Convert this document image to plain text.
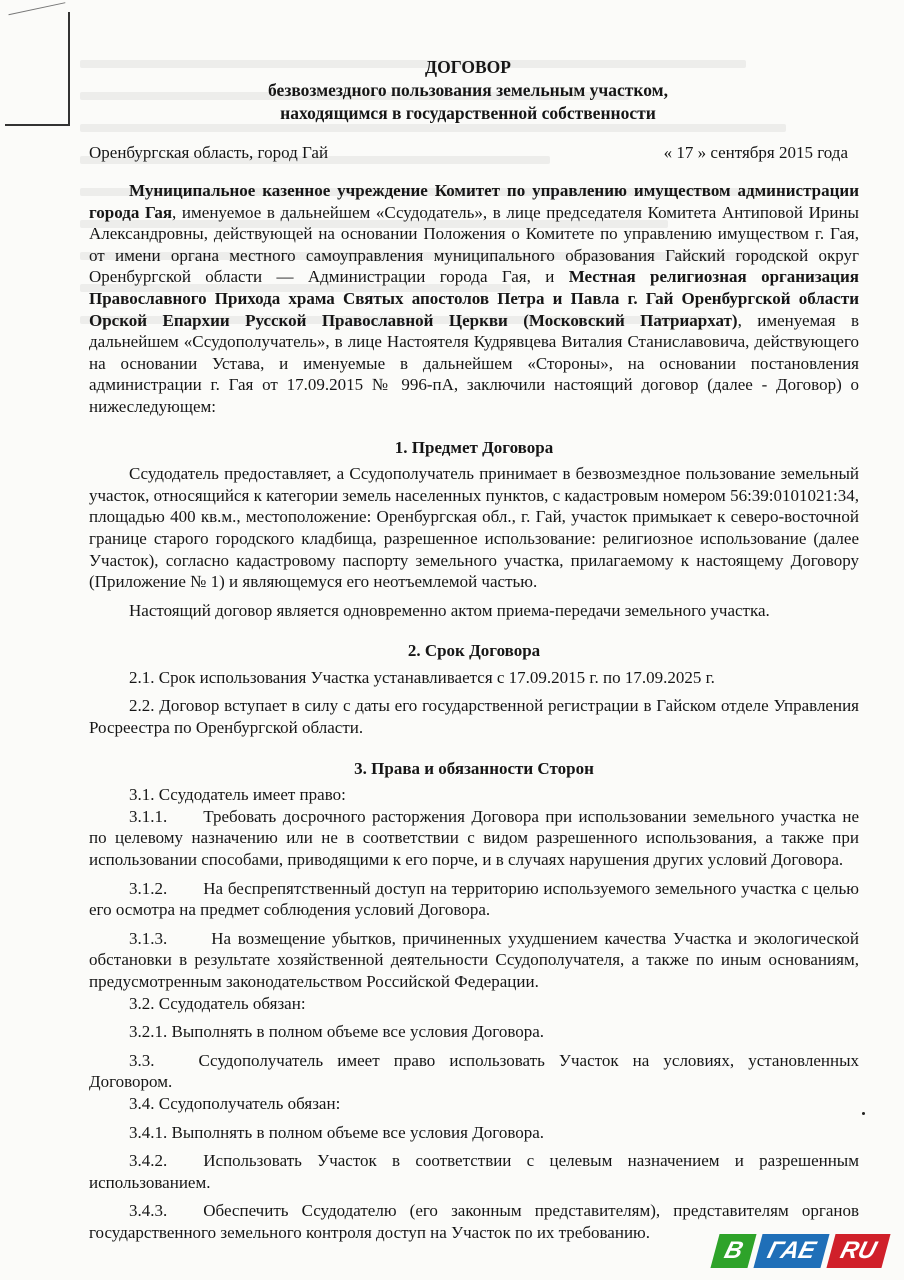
ДОГОВОР
безвозмездного пользования земельным участком,
находящимся в государственной собственности
Оренбургская область, город Гай	« 17 » сентября 2015 года

Муниципальное казенное учреждение Комитет по управлению имуществом администрации города Гая, именуемое в дальнейшем «Ссудодатель», в лице председателя Комитета Антиповой Ирины Александровны, действующей на основании Положения о Комитете по управлению имуществом г. Гая, от имени органа местного самоуправления муниципального образования Гайский городской округ Оренбургской области — Администрации города Гая, и Местная религиозная организация Православного Прихода храма Святых апостолов Петра и Павла г. Гай Оренбургской области Орской Епархии Русской Православной Церкви (Московский Патриархат), именуемая в дальнейшем «Ссудополучатель», в лице Настоятеля Кудрявцева Виталия Станиславовича, действующего на основании Устава, и именуемые в дальнейшем «Стороны», на основании постановления администрации г. Гая от 17.09.2015 № 996-пА, заключили настоящий договор (далее - Договор) о нижеследующем:

1. Предмет Договора

Ссудодатель предоставляет, а Ссудополучатель принимает в безвозмездное пользование земельный участок, относящийся к категории земель населенных пунктов, с кадастровым номером 56:39:0101021:34, площадью 400 кв.м., местоположение: Оренбургская обл., г. Гай, участок примыкает к северо-восточной границе старого городского кладбища, разрешенное использование: религиозное использование (далее Участок), согласно кадастровому паспорту земельного участка, прилагаемому к настоящему Договору (Приложение № 1) и являющемуся его неотъемлемой частью.

Настоящий договор является одновременно актом приема-передачи земельного участка.

2. Срок Договора

2.1. Срок использования Участка устанавливается с 17.09.2015 г. по 17.09.2025 г.

2.2. Договор вступает в силу с даты его государственной регистрации в Гайском отделе Управления Росреестра по Оренбургской области.

3. Права и обязанности Сторон

3.1. Ссудодатель имеет право:

3.1.1. Требовать досрочного расторжения Договора при использовании земельного участка не по целевому назначению или не в соответствии с видом разрешенного использования, а также при использовании способами, приводящими к его порче, и в случаях нарушения других условий Договора.

3.1.2. На беспрепятственный доступ на территорию используемого земельного участка с целью его осмотра на предмет соблюдения условий Договора.

3.1.3.	На возмещение убытков, причиненных ухудшением качества Участка и экологической обстановки в результате хозяйственной деятельности Ссудополучателя, а также по иным основаниям, предусмотренным законодательством Российской Федерации.

3.2. Ссудодатель обязан:

3.2.1. Выполнять в полном объеме все условия Договора.

3.3.	Ссудополучатель имеет право использовать Участок на условиях, установленных Договором.

3.4. Ссудополучатель обязан:

3.4.1. Выполнять в полном объеме все условия Договора.

3.4.2. Использовать Участок в соответствии с целевым назначением и разрешенным использованием.

3.4.3. Обеспечить Ссудодателю (его законным представителям), представителям органов государственного земельного контроля доступ на Участок по их требованию.

В ГАЕ RU
